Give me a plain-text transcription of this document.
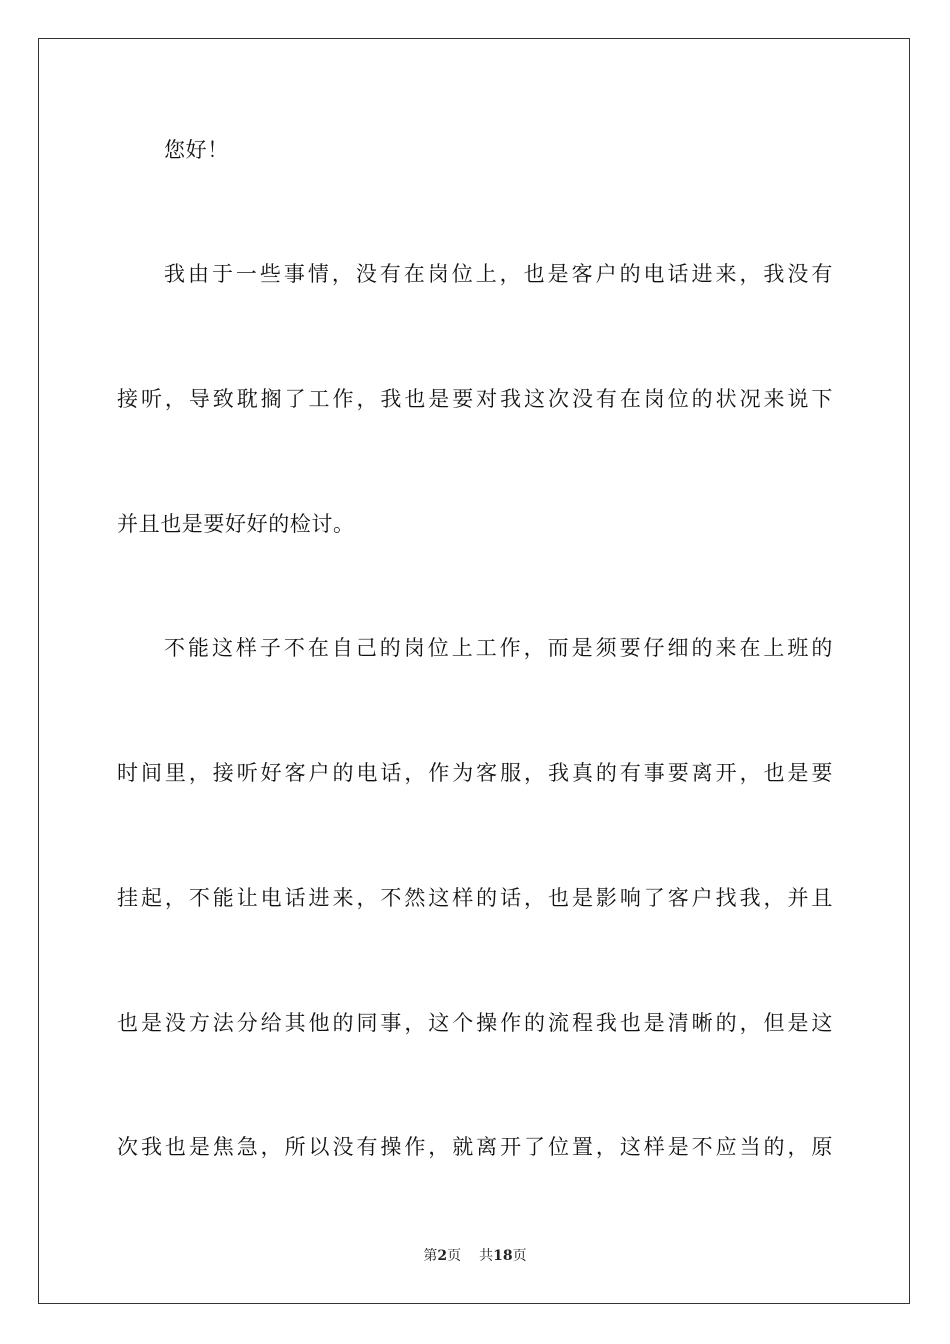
您好！
我由于一些事情，没有在岗位上，也是客户的电话进来，我没有
接听，导致耽搁了工作，我也是要对我这次没有在岗位的状况来说下
并且也是要好好的检讨。
不能这样子不在自己的岗位上工作，而是须要仔细的来在上班的
时间里，接听好客户的电话，作为客服，我真的有事要离开，也是要
挂起，不能让电话进来，不然这样的话，也是影响了客户找我，并且
也是没方法分给其他的同事，这个操作的流程我也是清晰的，但是这
次我也是焦急，所以没有操作，就离开了位置，这样是不应当的，原
第2页 共18页
